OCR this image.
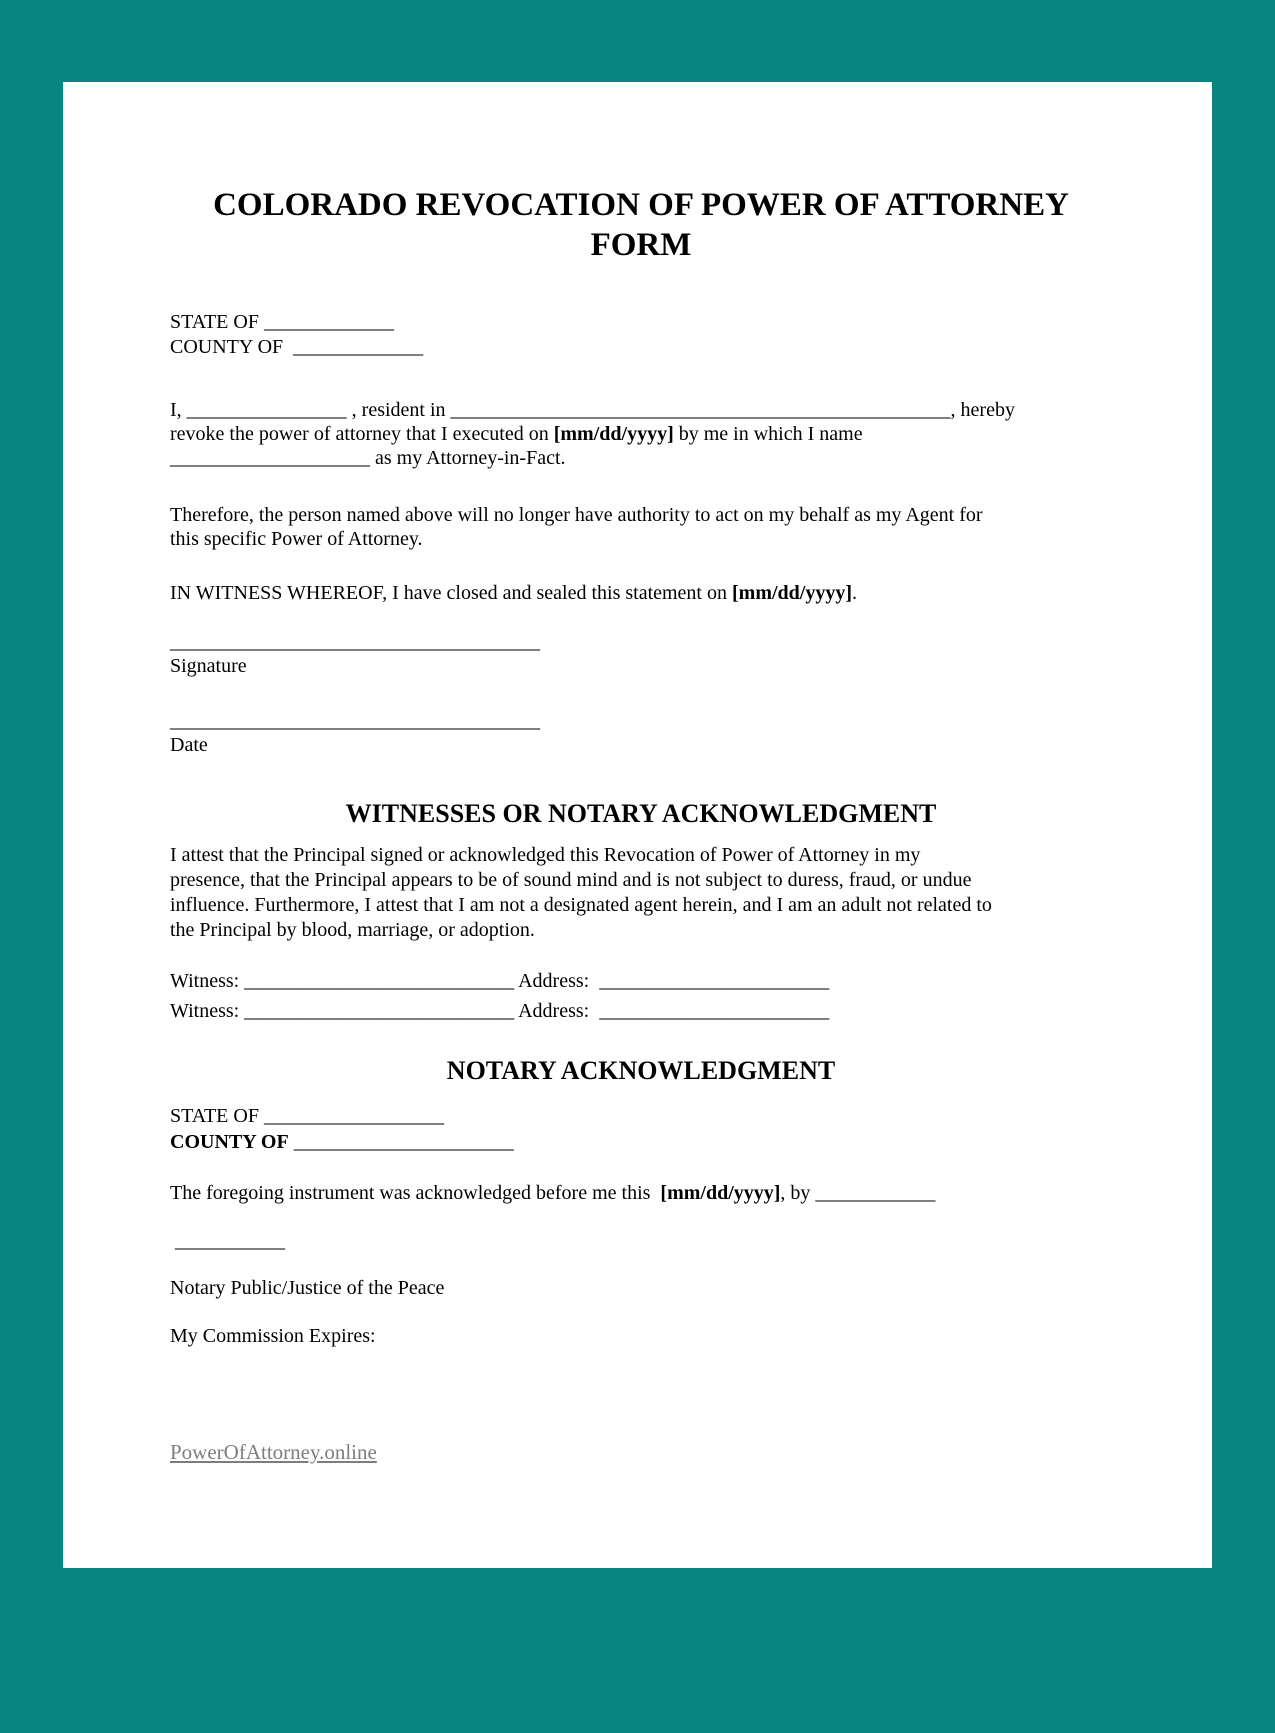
COLORADO REVOCATION OF POWER OF ATTORNEY
FORM
STATE OF _____________
COUNTY OF  _____________
I, ________________ , resident in __________________________________________________, hereby
revoke the power of attorney that I executed on [mm/dd/yyyy] by me in which I name
____________________ as my Attorney-in-Fact.
Therefore, the person named above will no longer have authority to act on my behalf as my Agent for
this specific Power of Attorney.
IN WITNESS WHEREOF, I have closed and sealed this statement on [mm/dd/yyyy].
_____________________________________
Signature
_____________________________________
Date
WITNESSES OR NOTARY ACKNOWLEDGMENT
I attest that the Principal signed or acknowledged this Revocation of Power of Attorney in my
presence, that the Principal appears to be of sound mind and is not subject to duress, fraud, or undue
influence. Furthermore, I attest that I am not a designated agent herein, and I am an adult not related to
the Principal by blood, marriage, or adoption.
Witness: ___________________________ Address:  _______________________
Witness: ___________________________ Address:  _______________________
NOTARY ACKNOWLEDGMENT
STATE OF __________________
COUNTY OF ______________________
The foregoing instrument was acknowledged before me this  [mm/dd/yyyy], by ____________
___________
Notary Public/Justice of the Peace
My Commission Expires:
PowerOfAttorney.online
